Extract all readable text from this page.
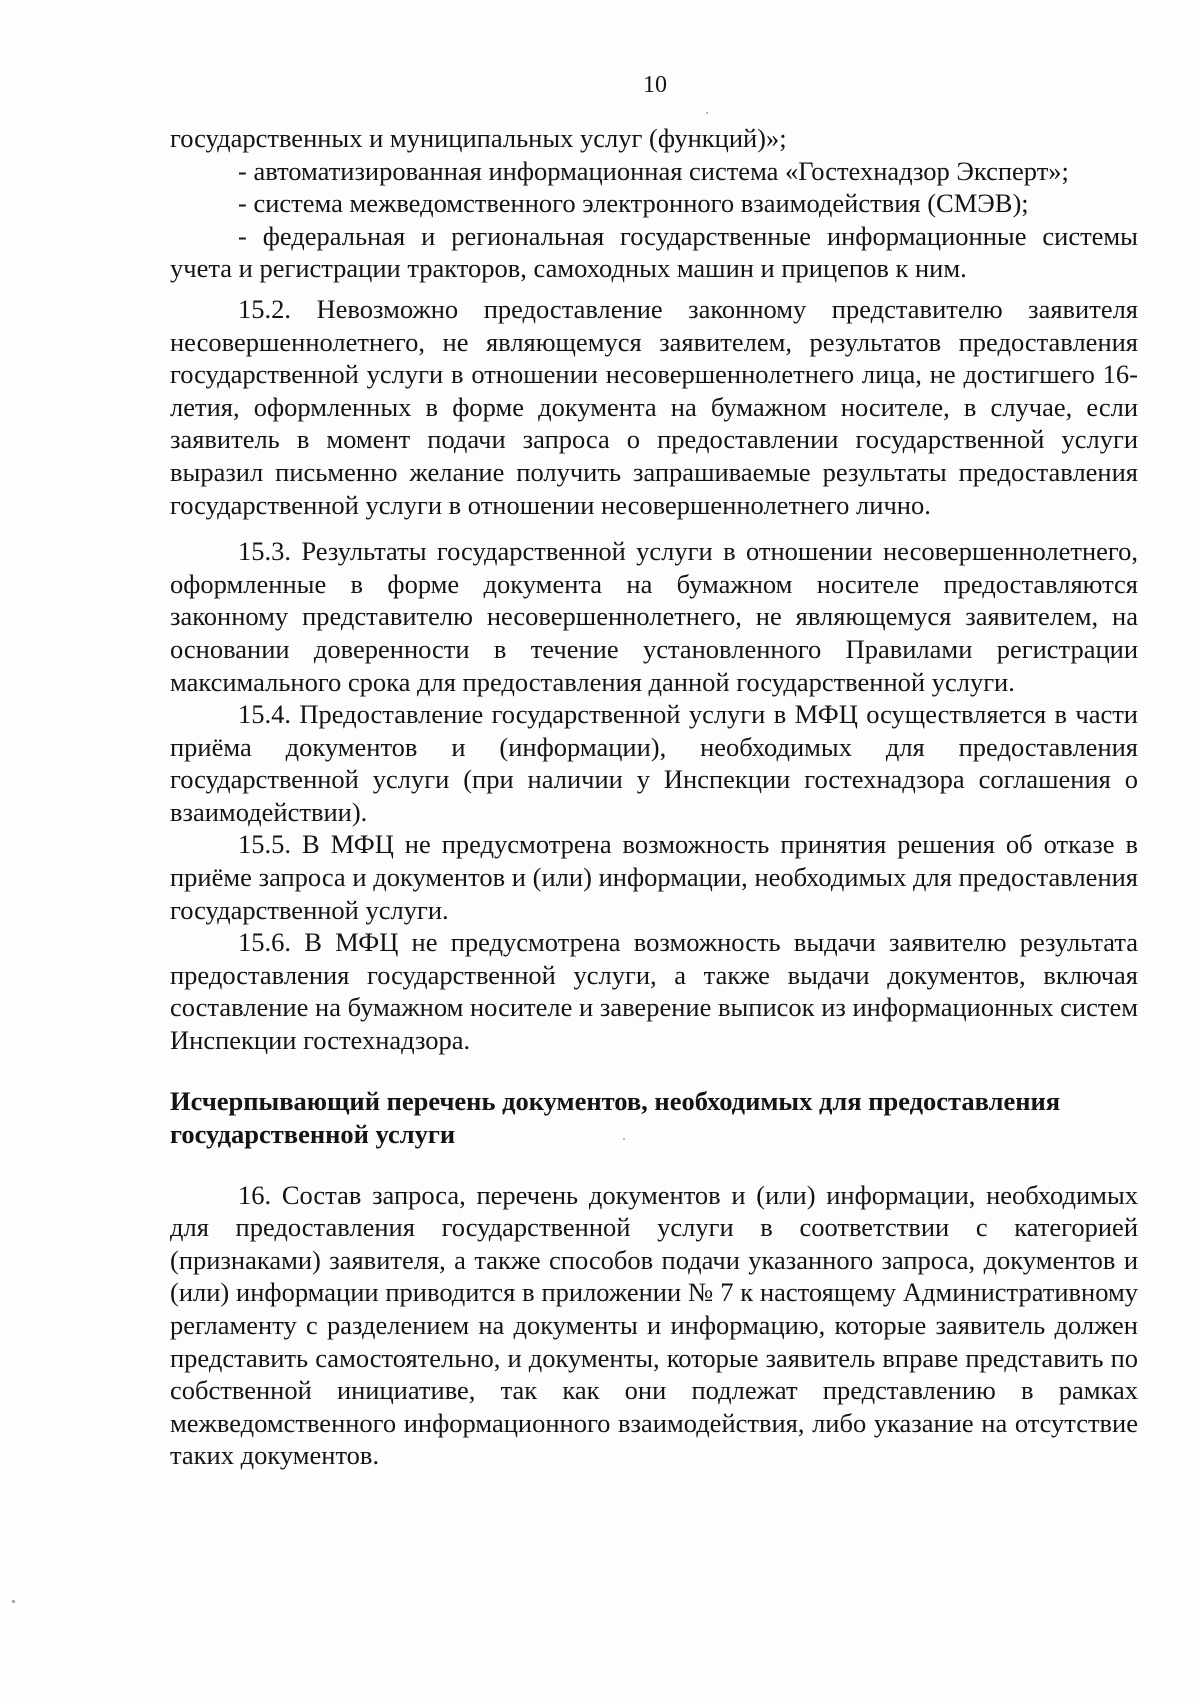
10

государственных и муниципальных услуг (функций)»;

- автоматизированная информационная система «Гостехнадзор Эксперт»;

- система межведомственного электронного взаимодействия (СМЭВ);

- федеральная и региональная государственные информационные системы учета и регистрации тракторов, самоходных машин и прицепов к ним.

15.2. Невозможно предоставление законному представителю заявителя несовершеннолетнего, не являющемуся заявителем, результатов предоставления государственной услуги в отношении несовершеннолетнего лица, не достигшего 16-летия, оформленных в форме документа на бумажном носителе, в случае, если заявитель в момент подачи запроса о предоставлении государственной услуги выразил письменно желание получить запрашиваемые результаты предоставления государственной услуги в отношении несовершеннолетнего лично.

15.3. Результаты государственной услуги в отношении несовершеннолетнего, оформленные в форме документа на бумажном носителе предоставляются законному представителю несовершеннолетнего, не являющемуся заявителем, на основании доверенности в течение установленного Правилами регистрации максимального срока для предоставления данной государственной услуги.

15.4. Предоставление государственной услуги в МФЦ осуществляется в части приёма документов и (информации), необходимых для предоставления государственной услуги (при наличии у Инспекции гостехнадзора соглашения о взаимодействии).

15.5. В МФЦ не предусмотрена возможность принятия решения об отказе в приёме запроса и документов и (или) информации, необходимых для предоставления государственной услуги.

15.6. В МФЦ не предусмотрена возможность выдачи заявителю результата предоставления государственной услуги, а также выдачи документов, включая составление на бумажном носителе и заверение выписок из информационных систем Инспекции гостехнадзора.

Исчерпывающий перечень документов, необходимых для предоставления
государственной услуги

16. Состав запроса, перечень документов и (или) информации, необходимых для предоставления государственной услуги в соответствии с категорией (признаками) заявителя, а также способов подачи указанного запроса, документов и (или) информации приводится в приложении № 7 к настоящему Административному регламенту с разделением на документы и информацию, которые заявитель должен представить самостоятельно, и документы, которые заявитель вправе представить по собственной инициативе, так как они подлежат представлению в рамках межведомственного информационного взаимодействия, либо указание на отсутствие таких документов.
